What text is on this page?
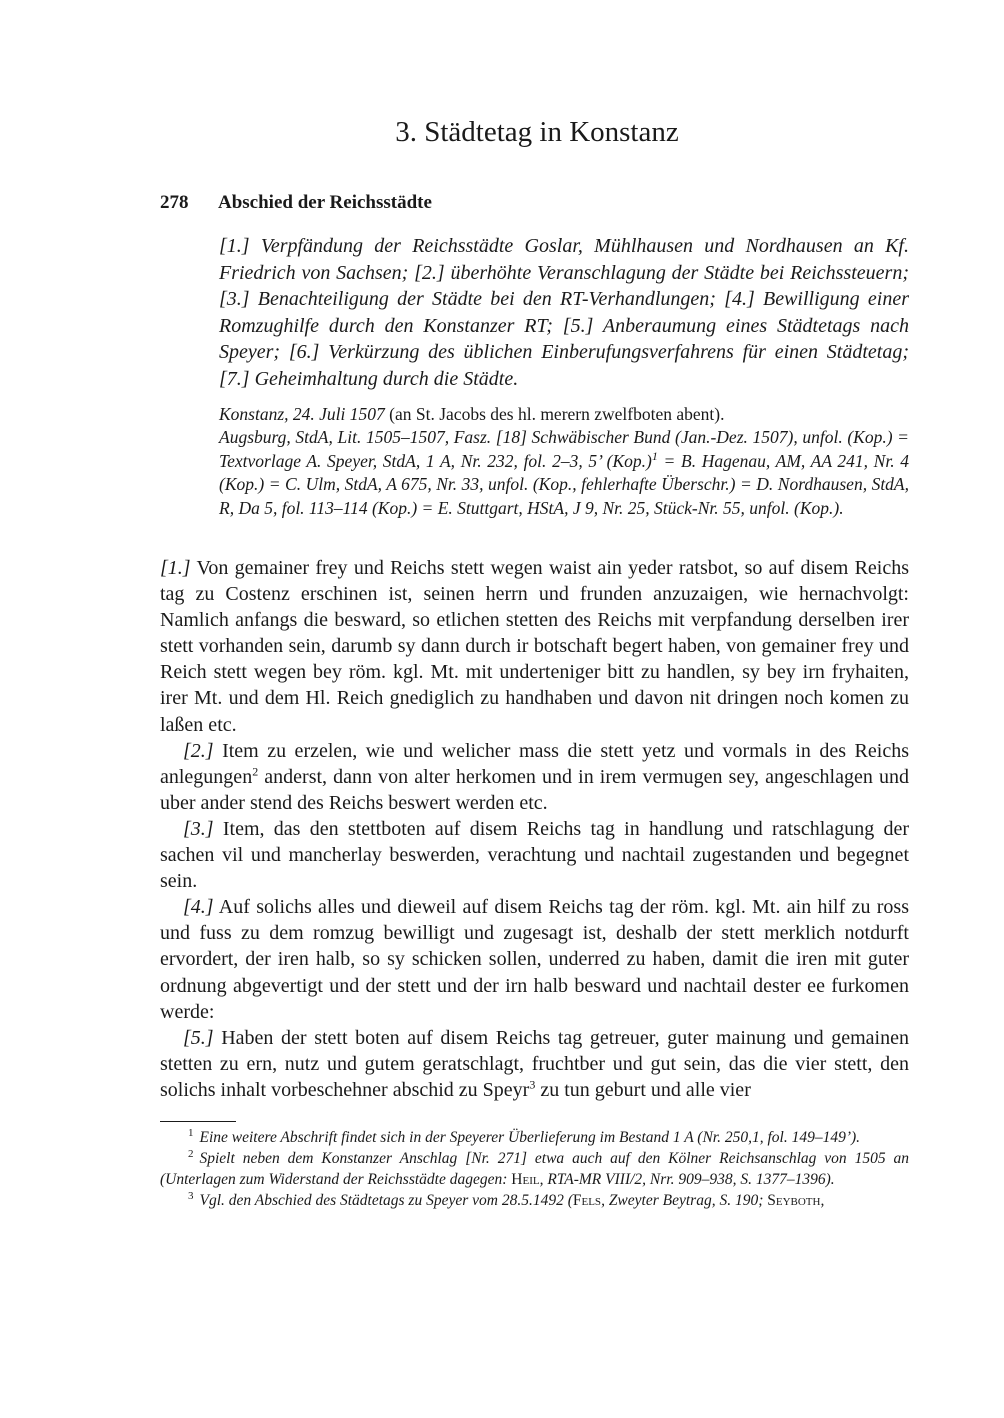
3. Städtetag in Konstanz
278 Abschied der Reichsstädte
[1.] Verpfändung der Reichsstädte Goslar, Mühlhausen und Nordhausen an Kf. Friedrich von Sachsen; [2.] überhöhte Veranschlagung der Städte bei Reichssteuern; [3.] Benachteiligung der Städte bei den RT-Verhandlungen; [4.] Bewilligung einer Romzughilfe durch den Konstanzer RT; [5.] Anberaumung eines Städtetags nach Speyer; [6.] Verkürzung des üblichen Einberufungsverfahrens für einen Städtetag; [7.] Geheimhaltung durch die Städte.
Konstanz, 24. Juli 1507 (an St. Jacobs des hl. merern zwelfboten abent).
Augsburg, StdA, Lit. 1505–1507, Fasz. [18] Schwäbischer Bund (Jan.-Dez. 1507), unfol. (Kop.) = Textvorlage A. Speyer, StdA, 1 A, Nr. 232, fol. 2–3, 5’ $(Kop.)^1 = B$. Hagenau, AM, AA 241, Nr. 4 (Kop.) = C. Ulm, StdA, A 675, Nr. 33, unfol. (Kop., fehlerhafte Überschr.) = D. Nordhausen, StdA, R, Da 5, fol. 113–114 (Kop.) = E. Stuttgart, HStA, J 9, Nr. 25, Stück-Nr. 55, unfol. (Kop.).

[1.] Von gemainer frey und Reichs stett wegen waist ain yeder ratsbot, so auf disem Reichs tag zu Costenz erschinen ist, seinen herrn und frunden anzuzaigen, wie hernachvolgt: Namlich anfangs die besward, so etlichen stetten des Reichs mit verpfandung derselben irer stett vorhanden sein, darumb sy dann durch ir botschaft begert haben, von gemainer frey und Reich stett wegen bey röm. kgl. Mt. mit underteniger bitt zu handlen, sy bey irn fryhaiten, irer Mt. und dem Hl. Reich gnediglich zu handhaben und davon nit dringen noch komen zu laßen etc.

[2.] Item zu erzelen, wie und welicher mass die stett yetz und vormals in des Reichs anlegungen$^2$ anderst, dann von alter herkomen und in irem vermugen sey, angeschlagen und uber ander stend des Reichs beswert werden etc.

[3.] Item, das den stettboten auf disem Reichs tag in handlung und ratschlagung der sachen vil und mancherlay beswerden, verachtung und nachtail zugestanden und begegnet sein.

[4.] Auf solichs alles und dieweil auf disem Reichs tag der röm. kgl. Mt. ain hilf zu ross und fuss zu dem romzug bewilligt und zugesagt ist, deshalb der stett merklich notdurft ervordert, der iren halb, so sy schicken sollen, underred zu haben, damit die iren mit guter ordnung abgevertigt und der stett und der irn halb besward und nachtail dester ee furkomen werde:

[5.] Haben der stett boten auf disem Reichs tag getreuer, guter mainung und gemainen stetten zu ern, nutz und gutem geratschlagt, fruchtber und gut sein, das die vier stett, den solichs inhalt vorbeschehner abschid zu Speyr$^3$ zu tun geburt und alle vier

$^1$ Eine weitere Abschrift findet sich in der Speyerer Überlieferung im Bestand 1 A (Nr. 250,1, fol. 149–149’).

$^2$ Spielt neben dem Konstanzer Anschlag [Nr. 271] etwa auch auf den Kölner Reichsanschlag von 1505 an (Unterlagen zum Widerstand der Reichsstädte dagegen: Heil, RTA-MR VIII/2, Nrr. 909–938, S. 1377–1396).

$^3$ Vgl. den Abschied des Städtetags zu Speyer vom 28.5.1492 (Fels, Zweyter Beytrag, S. 190; Seyboth,
